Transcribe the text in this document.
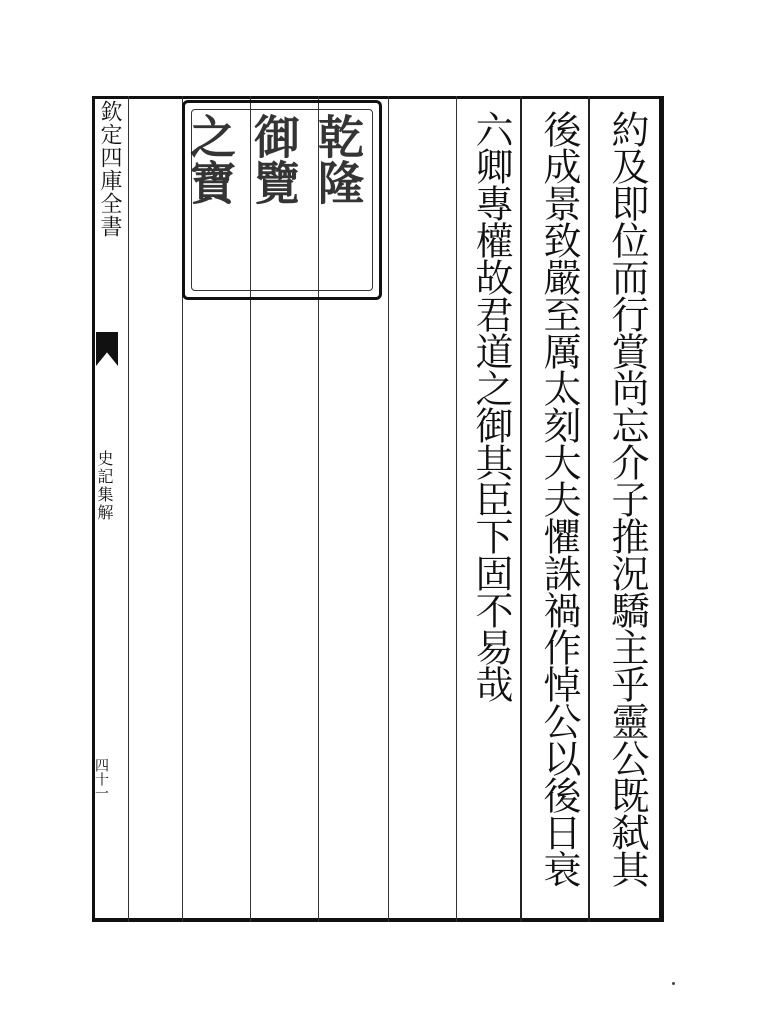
欽定四庫全書
史記集解
四十一
乾隆
御覽
之寶	約及即位而行賞尚忘介子推況驕主乎靈公既弑其
後成景致嚴至厲太刻大夫懼誅禍作悼公以後日衰
六卿專權故君道之御其臣下固不易哉
